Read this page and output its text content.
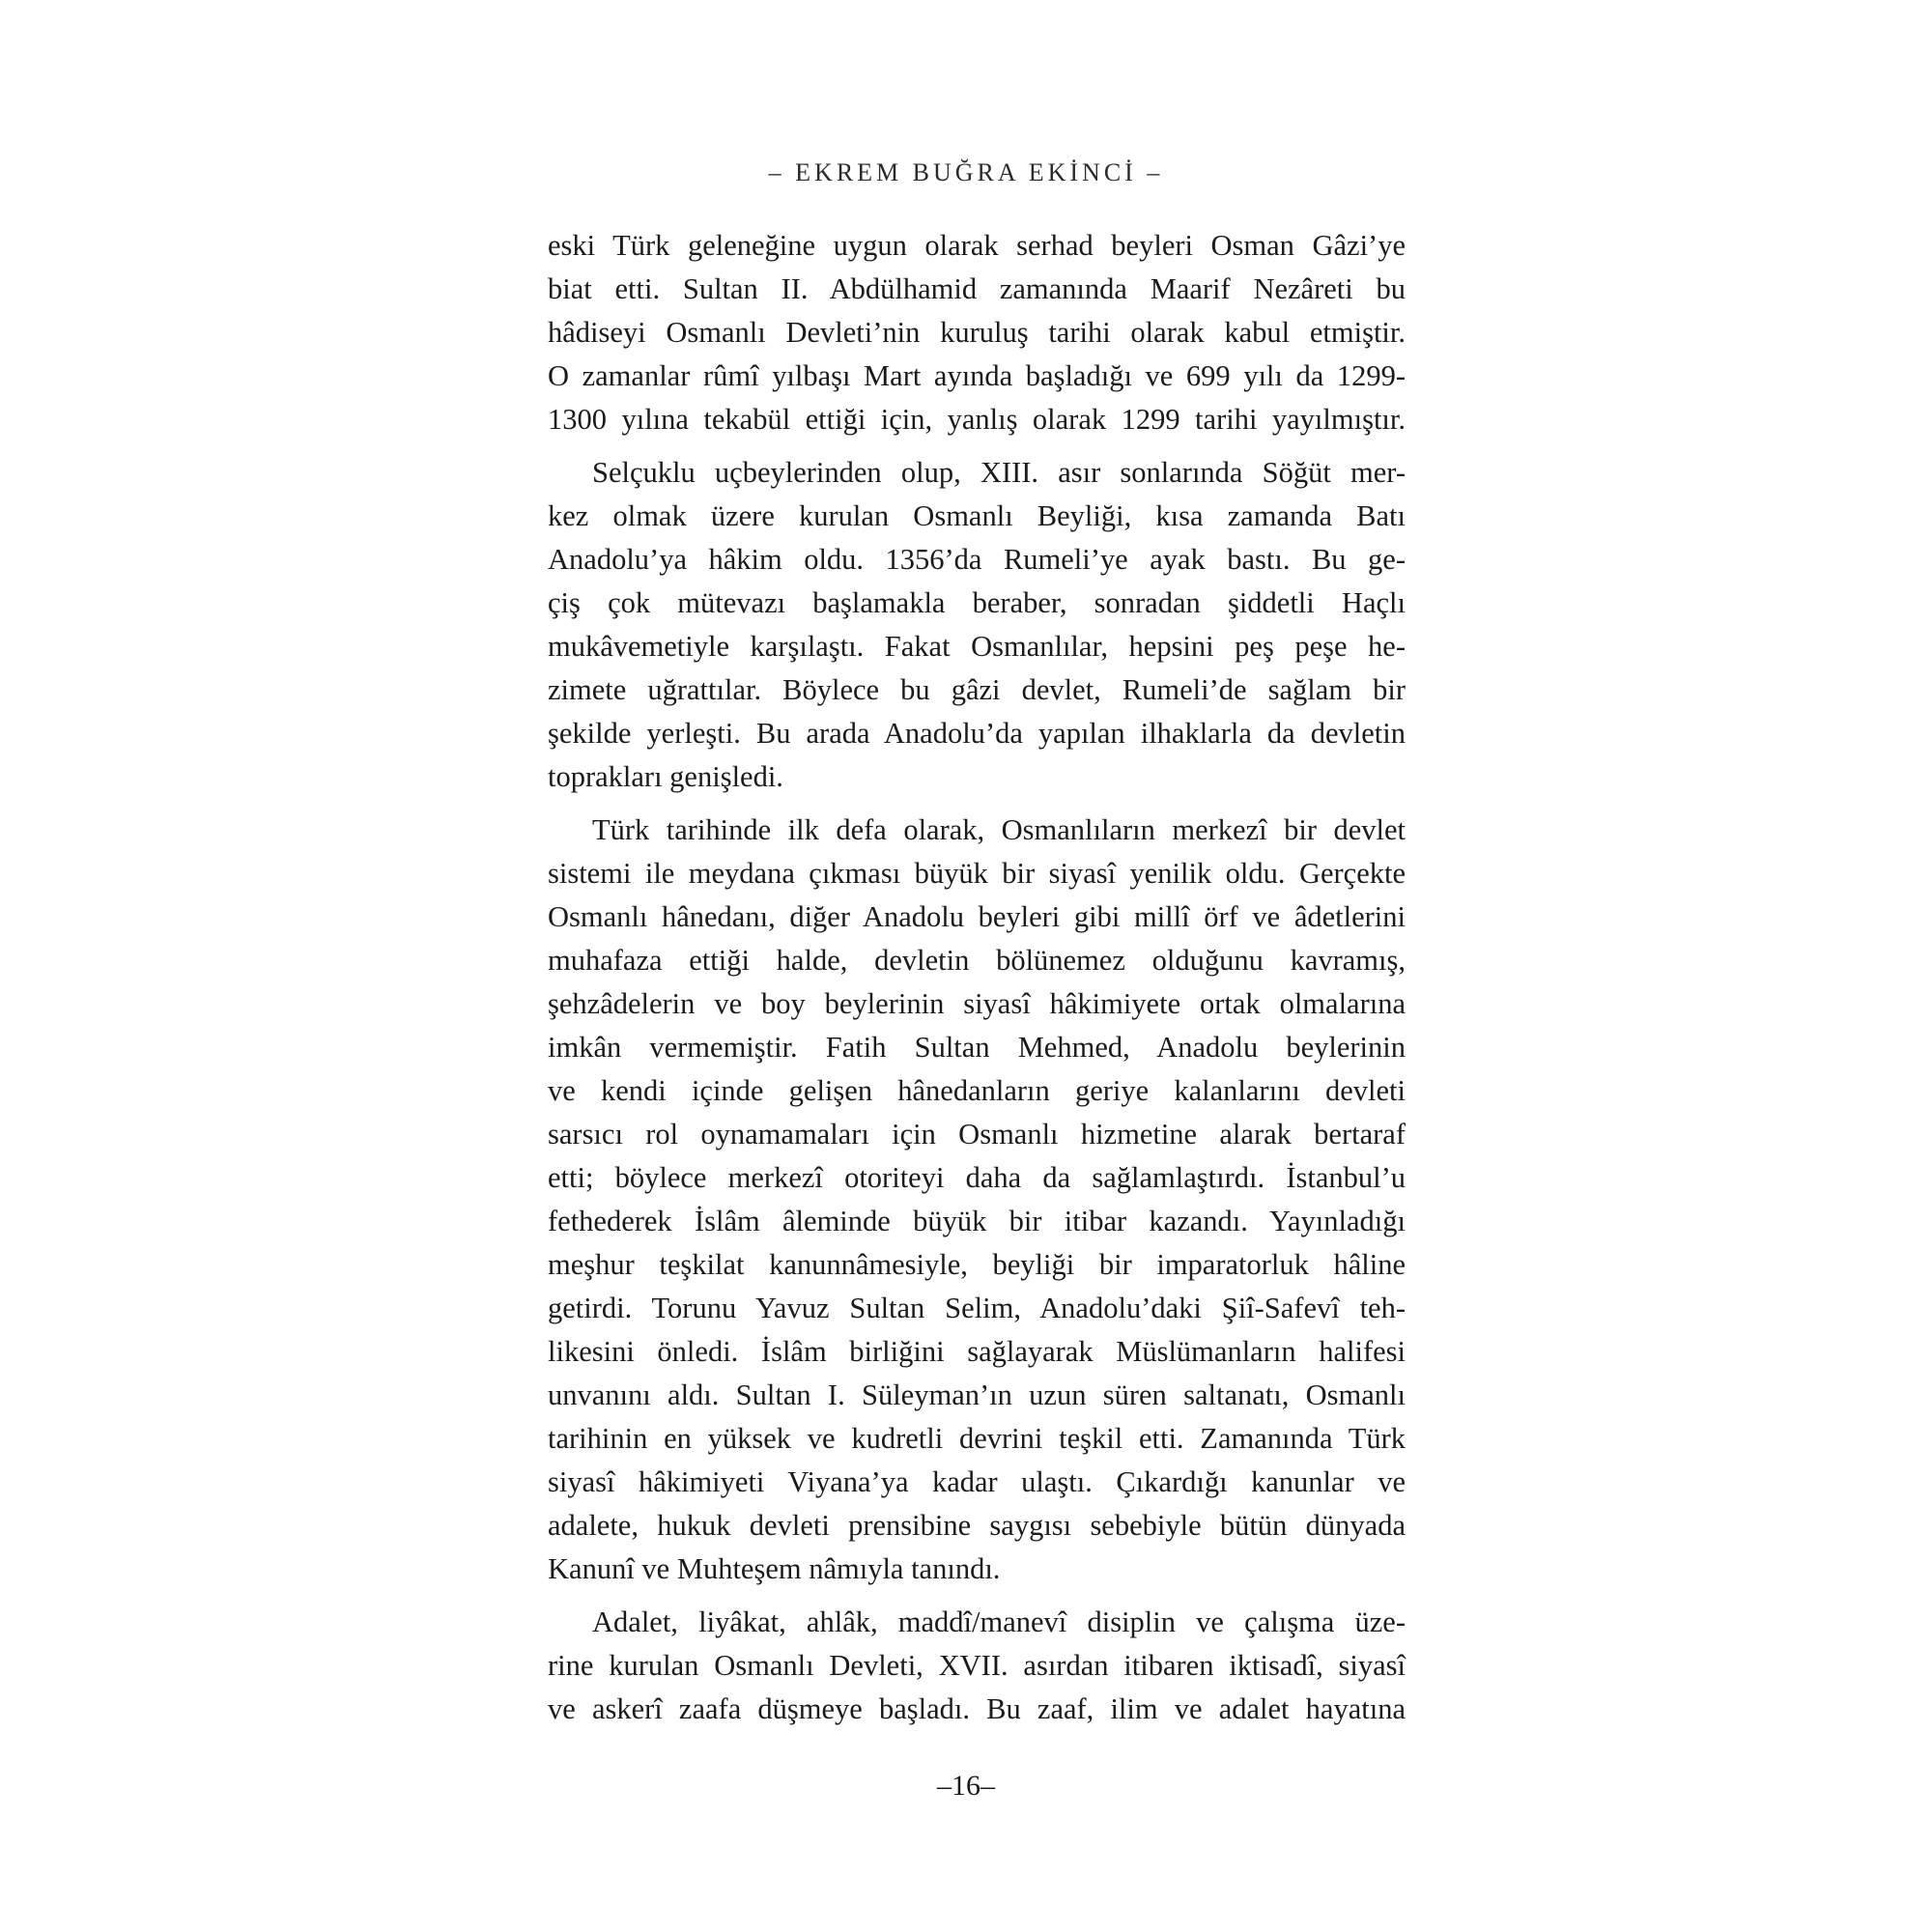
– EKREM BUĞRA EKİNCİ –
eski Türk geleneğine uygun olarak serhad beyleri Osman Gâzi’ye
biat etti. Sultan II. Abdülhamid zamanında Maarif Nezâreti bu
hâdiseyi Osmanlı Devleti’nin kuruluş tarihi olarak kabul etmiştir.
O zamanlar rûmî yılbaşı Mart ayında başladığı ve 699 yılı da 1299-
1300 yılına tekabül ettiği için, yanlış olarak 1299 tarihi yayılmıştır.
Selçuklu uçbeylerinden olup, XIII. asır sonlarında Söğüt mer-
kez olmak üzere kurulan Osmanlı Beyliği, kısa zamanda Batı
Anadolu’ya hâkim oldu. 1356’da Rumeli’ye ayak bastı. Bu ge-
çiş çok mütevazı başlamakla beraber, sonradan şiddetli Haçlı
mukâvemetiyle karşılaştı. Fakat Osmanlılar, hepsini peş peşe he-
zimete uğrattılar. Böylece bu gâzi devlet, Rumeli’de sağlam bir
şekilde yerleşti. Bu arada Anadolu’da yapılan ilhaklarla da devletin
toprakları genişledi.
Türk tarihinde ilk defa olarak, Osmanlıların merkezî bir devlet
sistemi ile meydana çıkması büyük bir siyasî yenilik oldu. Gerçekte
Osmanlı hânedanı, diğer Anadolu beyleri gibi millî örf ve âdetlerini
muhafaza ettiği halde, devletin bölünemez olduğunu kavramış,
şehzâdelerin ve boy beylerinin siyasî hâkimiyete ortak olmalarına
imkân vermemiştir. Fatih Sultan Mehmed, Anadolu beylerinin
ve kendi içinde gelişen hânedanların geriye kalanlarını devleti
sarsıcı rol oynamamaları için Osmanlı hizmetine alarak bertaraf
etti; böylece merkezî otoriteyi daha da sağlamlaştırdı. İstanbul’u
fethederek İslâm âleminde büyük bir itibar kazandı. Yayınladığı
meşhur teşkilat kanunnâmesiyle, beyliği bir imparatorluk hâline
getirdi. Torunu Yavuz Sultan Selim, Anadolu’daki Şiî-Safevî teh-
likesini önledi. İslâm birliğini sağlayarak Müslümanların halifesi
unvanını aldı. Sultan I. Süleyman’ın uzun süren saltanatı, Osmanlı
tarihinin en yüksek ve kudretli devrini teşkil etti. Zamanında Türk
siyasî hâkimiyeti Viyana’ya kadar ulaştı. Çıkardığı kanunlar ve
adalete, hukuk devleti prensibine saygısı sebebiyle bütün dünyada
Kanunî ve Muhteşem nâmıyla tanındı.
Adalet, liyâkat, ahlâk, maddî/manevî disiplin ve çalışma üze-
rine kurulan Osmanlı Devleti, XVII. asırdan itibaren iktisadî, siyasî
ve askerî zaafa düşmeye başladı. Bu zaaf, ilim ve adalet hayatına
–16–
